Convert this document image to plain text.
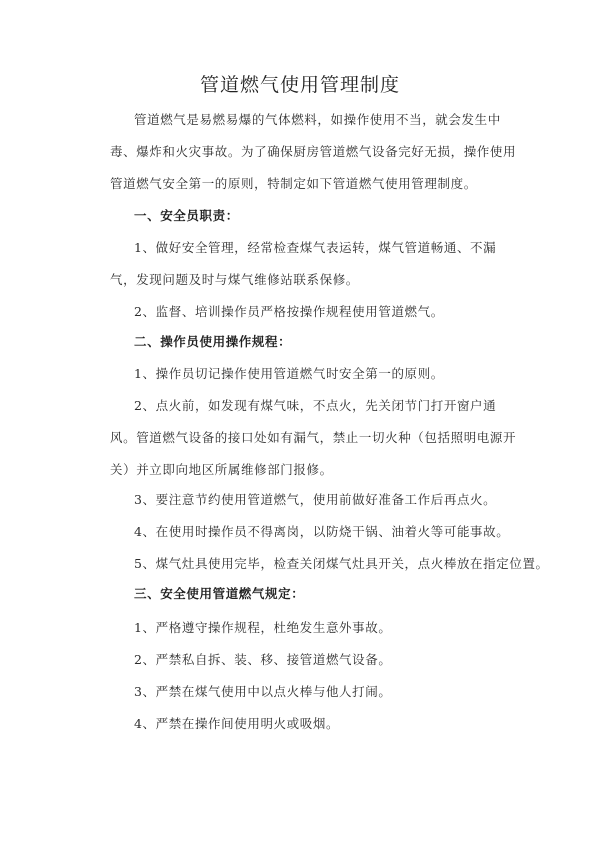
管道燃气使用管理制度
管道燃气是易燃易爆的气体燃料，如操作使用不当，就会发生中毒、爆炸和火灾事故。为了确保厨房管道燃气设备完好无损，操作使用管道燃气安全第一的原则，特制定如下管道燃气使用管理制度。
一、安全员职责：
1、做好安全管理，经常检查煤气表运转，煤气管道畅通、不漏气，发现问题及时与煤气维修站联系保修。
2、监督、培训操作员严格按操作规程使用管道燃气。
二、操作员使用操作规程：
1、操作员切记操作使用管道燃气时安全第一的原则。
2、点火前，如发现有煤气味，不点火，先关闭节门打开窗户通风。管道燃气设备的接口处如有漏气，禁止一切火种（包括照明电源开关）并立即向地区所属维修部门报修。
3、要注意节约使用管道燃气，使用前做好准备工作后再点火。
4、在使用时操作员不得离岗，以防烧干锅、油着火等可能事故。
5、煤气灶具使用完毕，检查关闭煤气灶具开关，点火棒放在指定位置。
三、安全使用管道燃气规定：
1、严格遵守操作规程，杜绝发生意外事故。
2、严禁私自拆、装、移、接管道燃气设备。
3、严禁在煤气使用中以点火棒与他人打闹。
4、严禁在操作间使用明火或吸烟。
